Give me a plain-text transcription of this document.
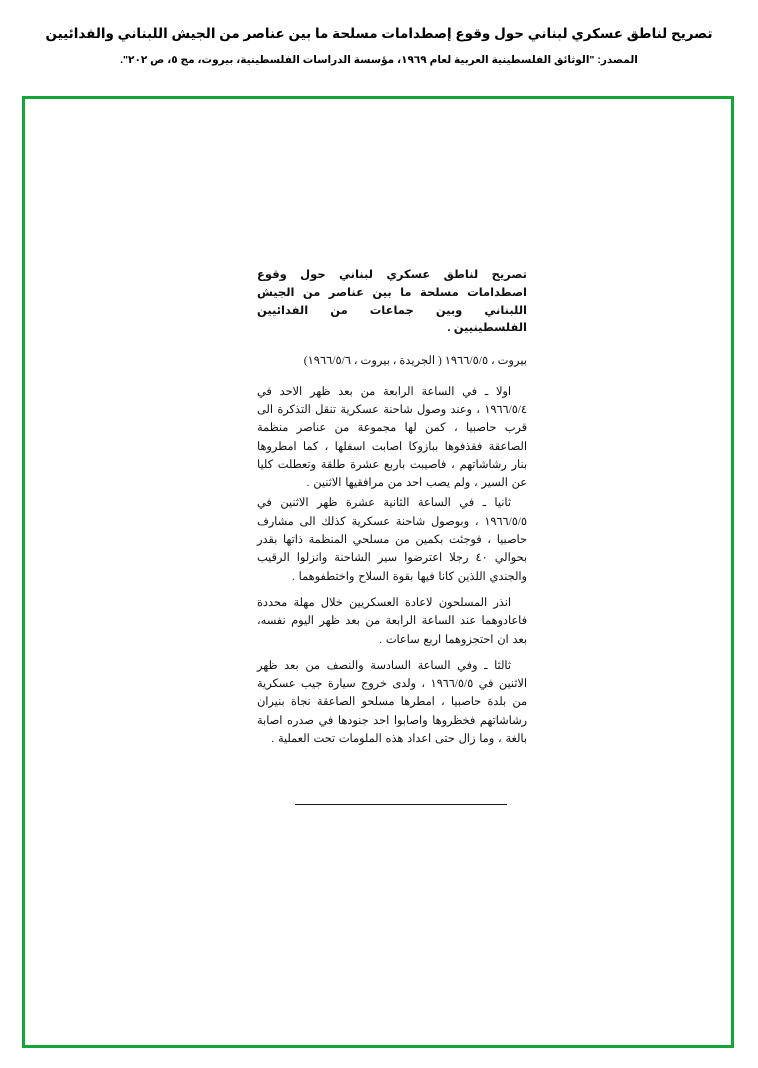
تصريح لناطق عسكري لبناني حول وقوع إصطدامات مسلحة ما بين عناصر من الجيش اللبناني والفدائيين
المصدر: "الوثائق الفلسطينية العربية لعام ١٩٦٩، مؤسسة الدراسات الفلسطينية، بيروت، مج ٥، ص ٢٠٢".
تصريح لناطق عسكري لبناني حول وقوع اصطدامات مسلحة ما بين عناصر من الجيش اللبناني وبين جماعات من الفدائيين الفلسطينيين .
بيروت ، ١٩٦٦/٥/٥ ( الجريدة ، بيروت ، ١٩٦٦/٥/٦)

اولا ـ في الساعة الرابعة من بعد ظهر الاحد في ١٩٦٦/٥/٤ ، وعند وصول شاحنة عسكرية تنقل التذكرة الى قرب حاصبيا ، كمن لها مجموعة من عناصر منظمة الصاعقة فقذفوها ببازوكا اصابت اسفلها ، كما امطروها بنار رشاشاتهم ، فاصيبت باربع عشرة طلقة وتعطلت كليا عن السير ، ولم يصب احد من مرافقيها الاثنين .

ثانيا ـ في الساعة الثانية عشرة ظهر الاثنين في ١٩٦٦/٥/٥ ، وبوصول شاحنة عسكرية كذلك الى مشارف حاصبيا ، فوجئت بكمين من مسلحي المنظمة ذاتها بقدر بحوالي ٤٠ رجلا اعترضوا سير الشاحنة وانزلوا الرقيب والجندي اللذين كانا فيها بقوة السلاح واختطفوهما .

انذر المسلحون لاعادة العسكريين خلال مهلة محددة فاعادوهما عند الساعة الرابعة من بعد ظهر اليوم نفسه، بعد ان احتجزوهما اربع ساعات .

ثالثا ـ وفي الساعة السادسة والنصف من بعد ظهر الاثنين في ١٩٦٦/٥/٥ ، ولدى خروج سيارة جيب عسكرية من بلدة حاصبيا ، امطرها مسلحو الصاعقة نجاة بنيران رشاشاتهم فخظروها واصابوا احد جنودها في صدره اصابة بالغة ، وما زال حتى اعداد هذه الملومات تحت العملية .
